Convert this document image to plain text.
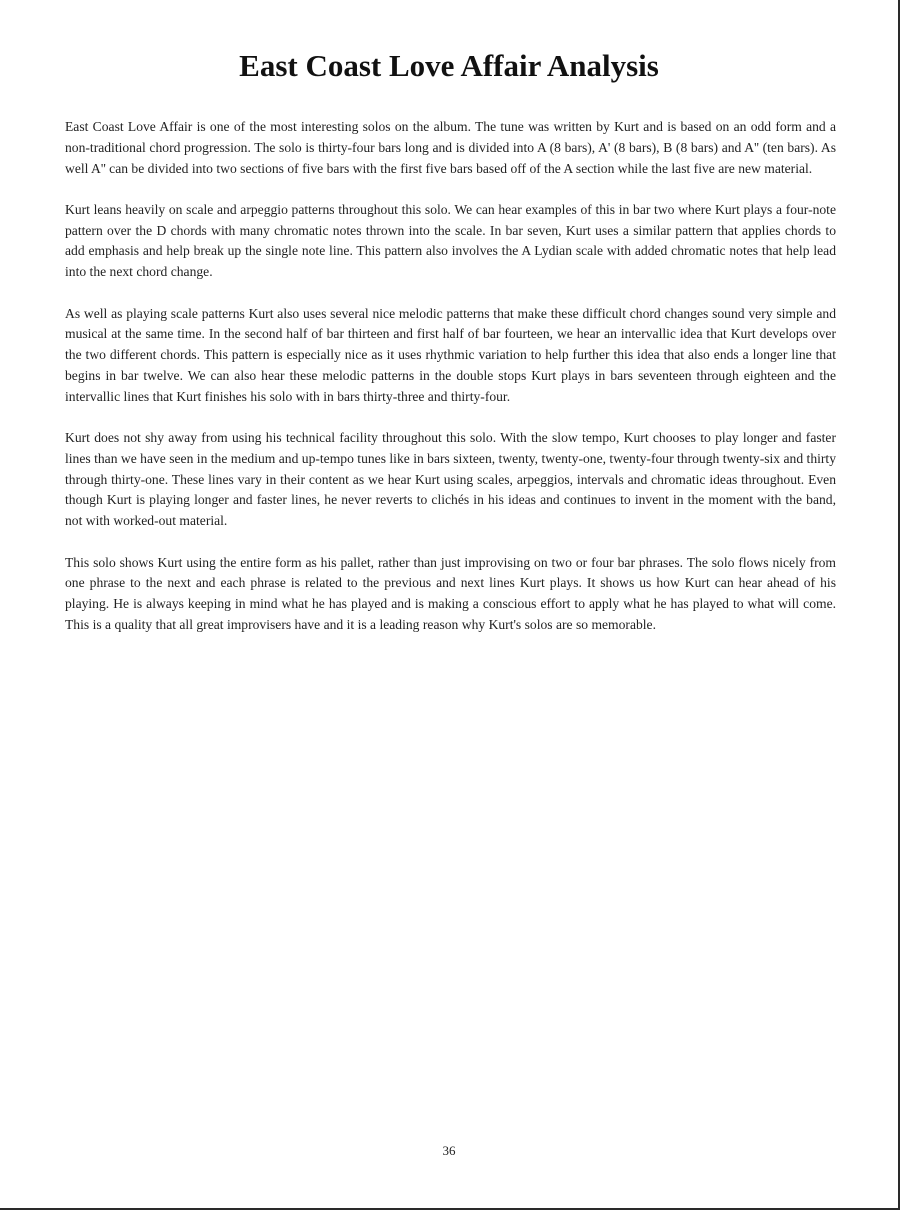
East Coast Love Affair Analysis

East Coast Love Affair is one of the most interesting solos on the album. The tune was written by Kurt and is based on an odd form and a non-traditional chord progression. The solo is thirty-four bars long and is divided into A (8 bars), A' (8 bars), B (8 bars) and A'' (ten bars). As well A'' can be divided into two sections of five bars with the first five bars based off of the A section while the last five are new material.

Kurt leans heavily on scale and arpeggio patterns throughout this solo. We can hear examples of this in bar two where Kurt plays a four-note pattern over the D chords with many chromatic notes thrown into the scale. In bar seven, Kurt uses a similar pattern that applies chords to add emphasis and help break up the single note line. This pattern also involves the A Lydian scale with added chromatic notes that help lead into the next chord change.

As well as playing scale patterns Kurt also uses several nice melodic patterns that make these difficult chord changes sound very simple and musical at the same time. In the second half of bar thirteen and first half of bar fourteen, we hear an intervallic idea that Kurt develops over the two different chords. This pattern is especially nice as it uses rhythmic variation to help further this idea that also ends a longer line that begins in bar twelve. We can also hear these melodic patterns in the double stops Kurt plays in bars seventeen through eighteen and the intervallic lines that Kurt finishes his solo with in bars thirty-three and thirty-four.

Kurt does not shy away from using his technical facility throughout this solo. With the slow tempo, Kurt chooses to play longer and faster lines than we have seen in the medium and up-tempo tunes like in bars sixteen, twenty, twenty-one, twenty-four through twenty-six and thirty through thirty-one. These lines vary in their content as we hear Kurt using scales, arpeggios, intervals and chromatic ideas throughout. Even though Kurt is playing longer and faster lines, he never reverts to clichés in his ideas and continues to invent in the moment with the band, not with worked-out material.

This solo shows Kurt using the entire form as his pallet, rather than just improvising on two or four bar phrases. The solo flows nicely from one phrase to the next and each phrase is related to the previous and next lines Kurt plays. It shows us how Kurt can hear ahead of his playing. He is always keeping in mind what he has played and is making a conscious effort to apply what he has played to what will come. This is a quality that all great improvisers have and it is a leading reason why Kurt's solos are so memorable.

36
